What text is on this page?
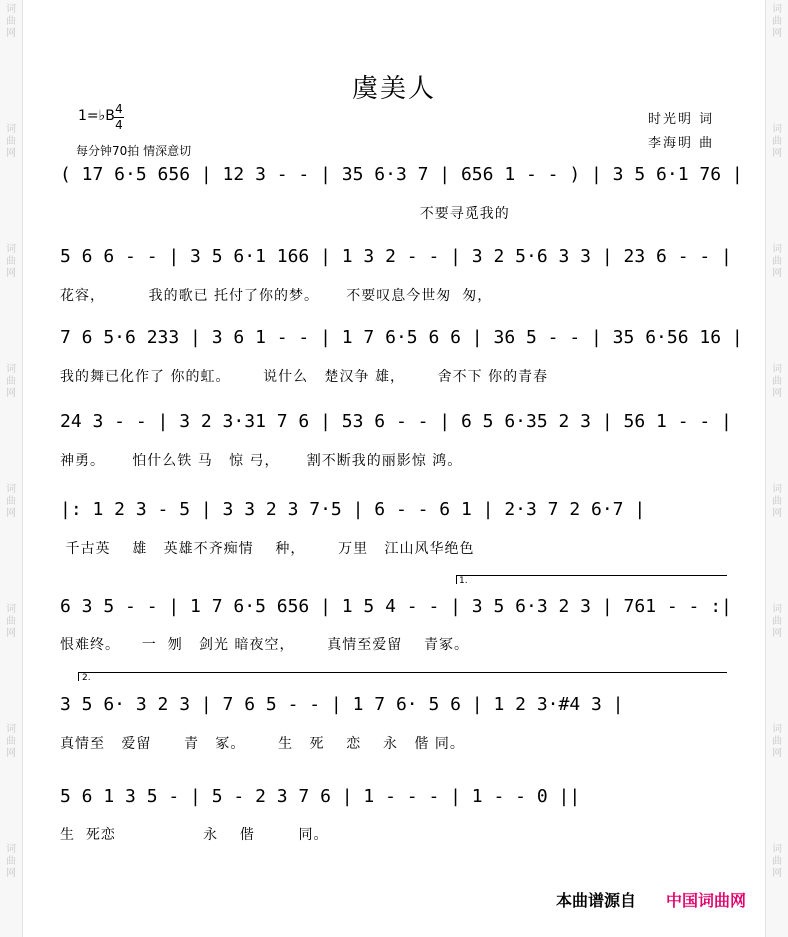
词曲网
词曲网
词曲网
词曲网
词曲网
词曲网
词曲网
词曲网
词曲网
词曲网
词曲网
词曲网
词曲网
词曲网
词曲网
词曲网
虞美人
1=♭B $\frac{4}{4}$
每分钟70拍 情深意切
时光明 词
李海明 曲
( 17 6·5 656 | 12 3 - - | 35 6·3 7 | 656 1 - - ) | 3 5 6·1 76 |
不要寻觅我的
5 6 6 - - | 3 5 6·1 166 | 1 3 2 - - | 3 2 5·6 3 3 | 23 6 - - |
花容，        我的歌已 托付了你的梦。     不要叹息今世匆  匆，
7 6 5·6 233 | 3 6 1 - - | 1 7 6·5 6 6 | 36 5 - - | 35 6·56 16 |
我的舞已化作了 你的虹。      说什么   楚汉争 雄，      舍不下 你的青春
24 3 - - | 3 2 3·31 7 6 | 53 6 - - | 6 5 6·35 2 3 | 56 1 - - |
神勇。     怕什么铁 马   惊 弓，     割不断我的丽影惊 鸿。
|: 1 2 3 - 5 | 3 3 2 3 7·5 | 6 - - 6 1 | 2·3 7 2 6·7 |
千古英    雄   英雄不齐痴情    种，      万里   江山风华绝色
1.
6 3 5 - - | 1 7 6·5 656 | 1 5 4 - - | 3 5 6·3 2 3 | 761 - - :|
恨难终。    一  刎   剑光 暗夜空，      真情至爱留    青冢。
2.
3 5 6· 3 2 3 | 7 6 5 - - | 1 7 6· 5 6 | 1 2 3·#4 3 |
真情至   爱留      青   冢。      生   死    恋    永   偕 同。
5 6 1 3 5 - | 5 - 2 3 7 6 | 1 - - - | 1 - - 0 ||
生  死恋                永    偕        同。
本曲谱源自 中国词曲网
